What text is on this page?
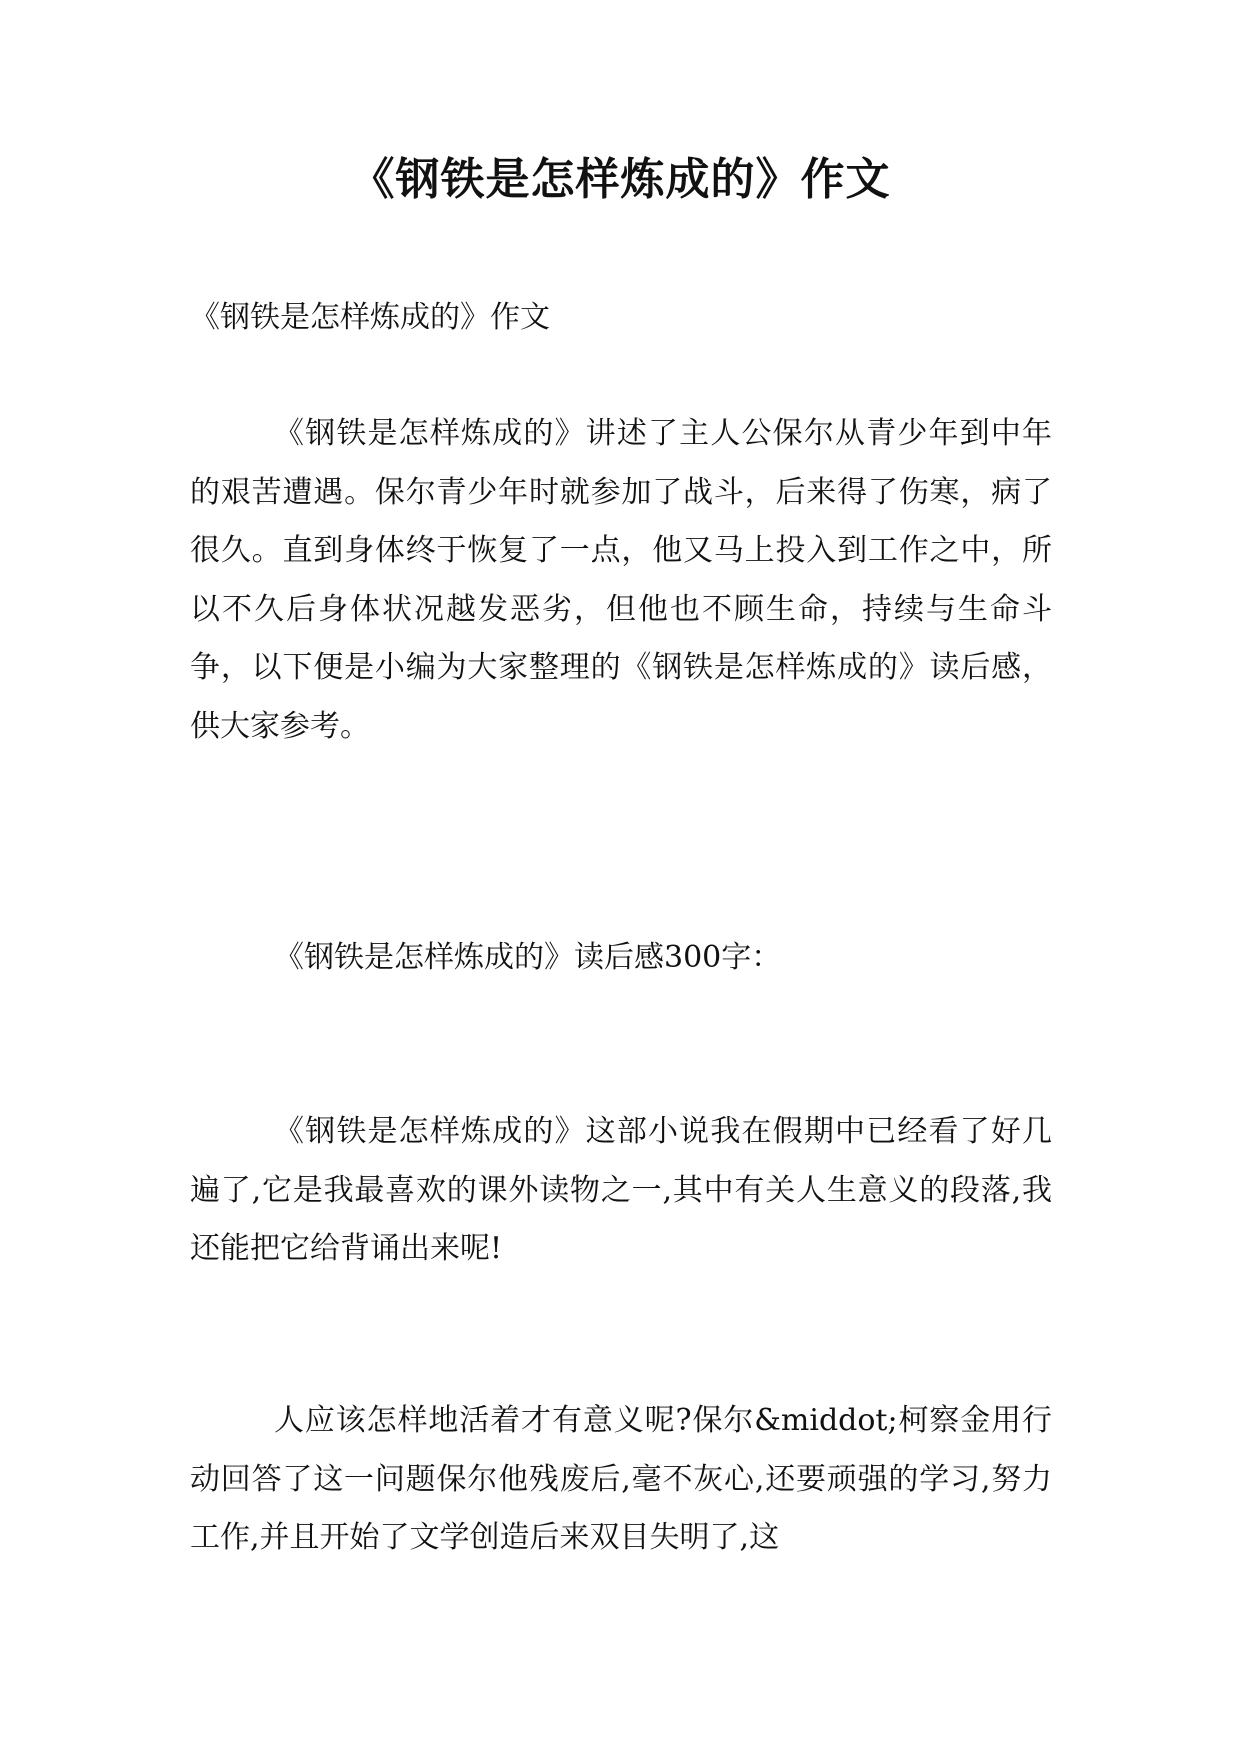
《钢铁是怎样炼成的》作文

《钢铁是怎样炼成的》作文

《钢铁是怎样炼成的》讲述了主人公保尔从青少年到中年的艰苦遭遇。保尔青少年时就参加了战斗，后来得了伤寒，病了很久。直到身体终于恢复了一点，他又马上投入到工作之中，所以不久后身体状况越发恶劣，但他也不顾生命，持续与生命斗争，以下便是小编为大家整理的《钢铁是怎样炼成的》读后感，供大家参考。

《钢铁是怎样炼成的》读后感300字：

《钢铁是怎样炼成的》这部小说我在假期中已经看了好几遍了,它是我最喜欢的课外读物之一,其中有关人生意义的段落,我还能把它给背诵出来呢!

人应该怎样地活着才有意义呢?保尔&middot;柯察金用行动回答了这一问题保尔他残废后,毫不灰心,还要顽强的学习,努力工作,并且开始了文学创造后来双目失明了,这
